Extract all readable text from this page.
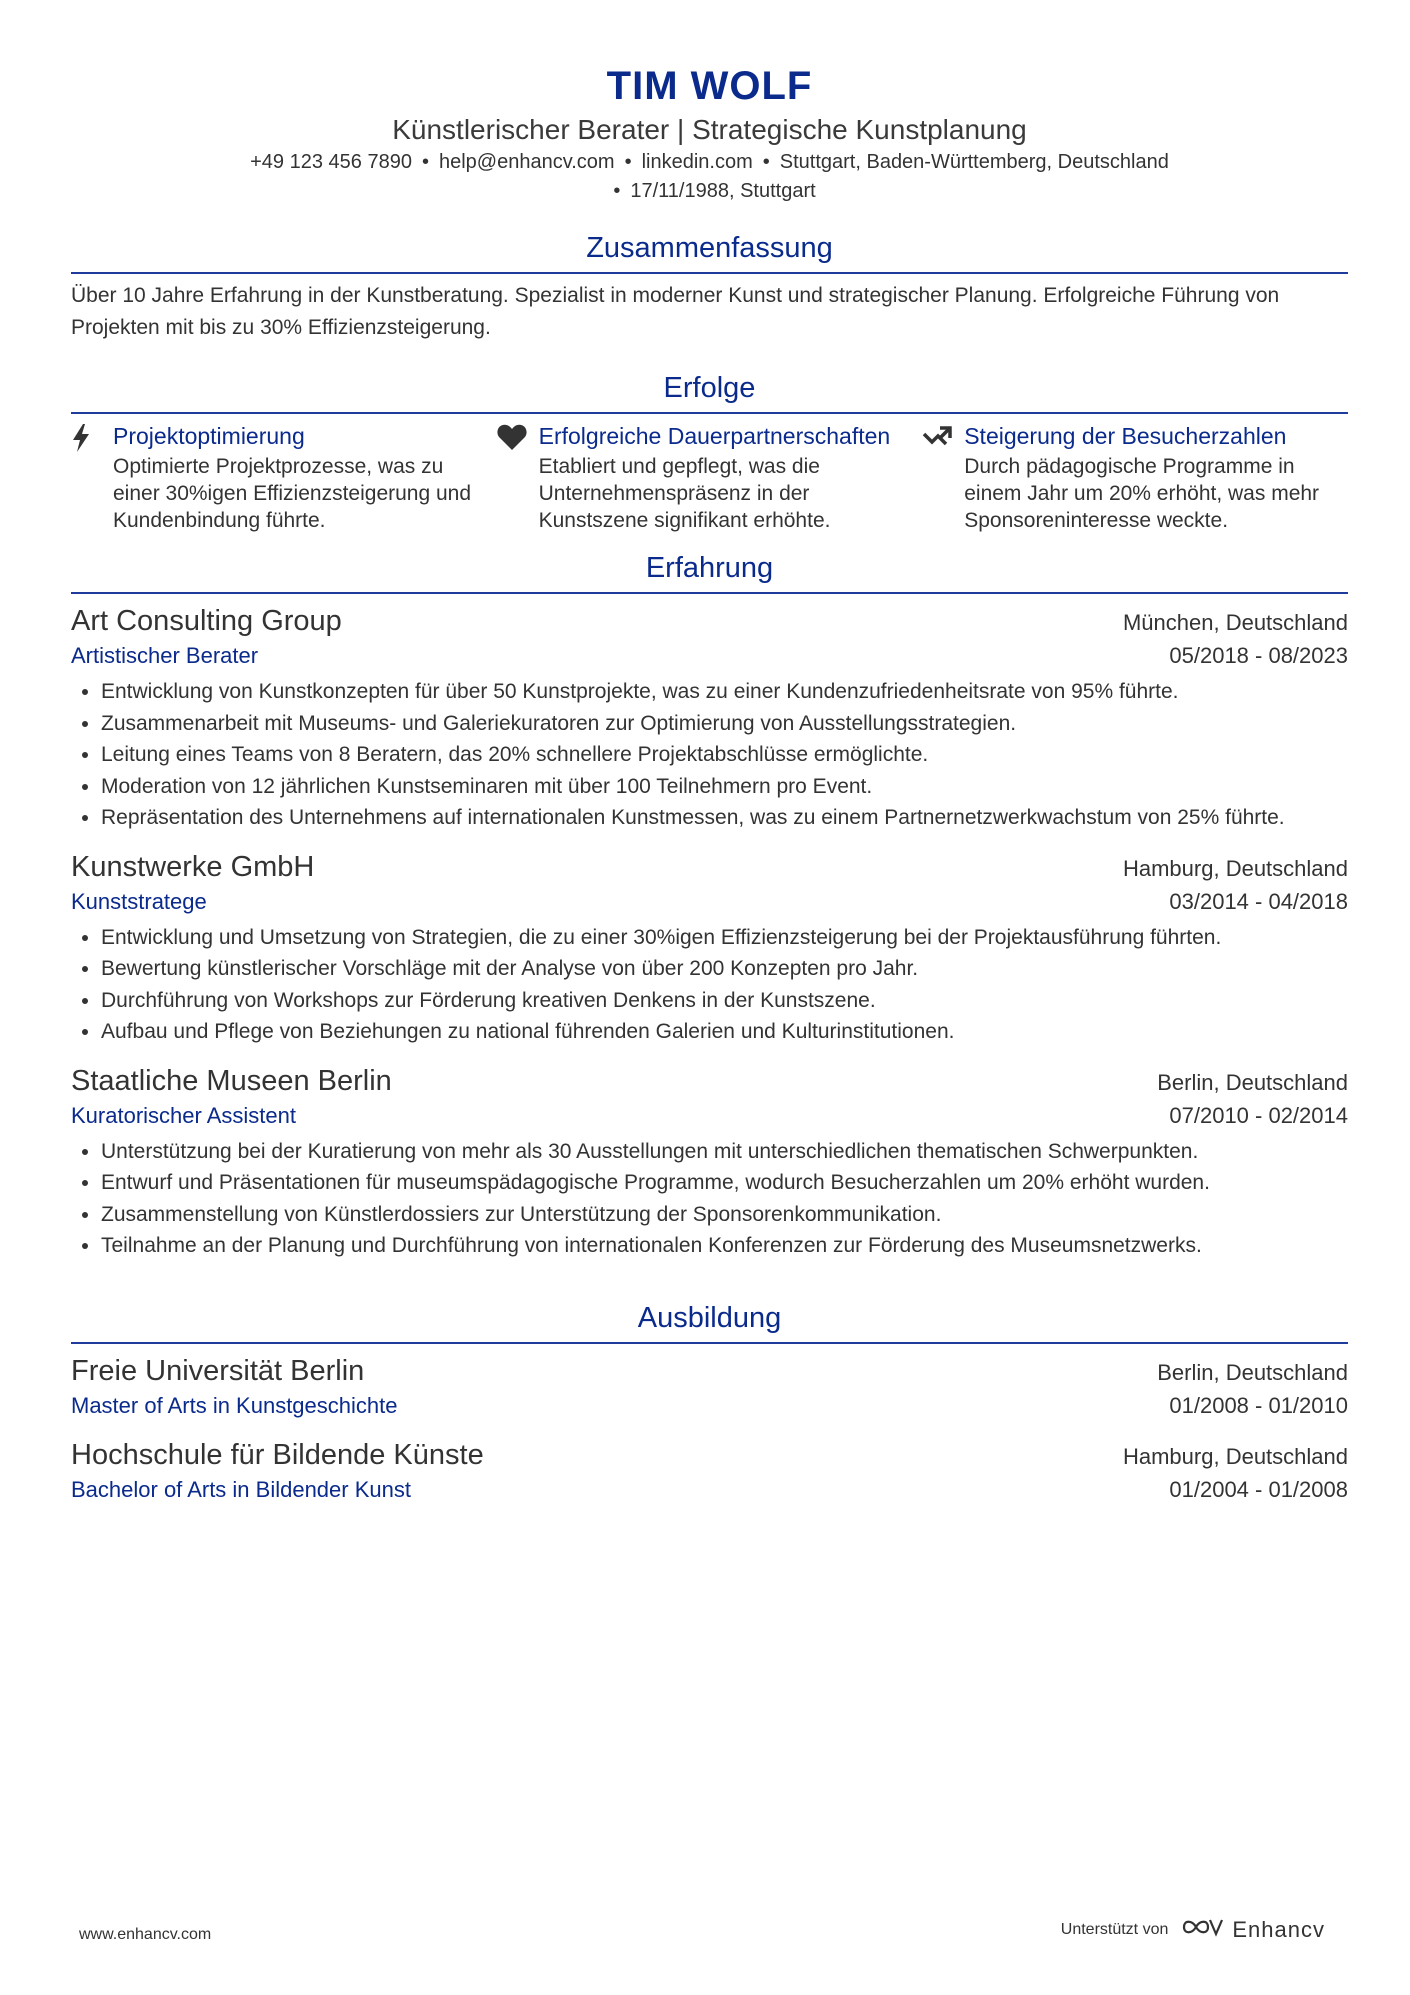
TIM WOLF
Künstlerischer Berater | Strategische Kunstplanung
+49 123 456 7890 • help@enhancv.com • linkedin.com • Stuttgart, Baden-Württemberg, Deutschland
• 17/11/1988, Stuttgart
Zusammenfassung
Über 10 Jahre Erfahrung in der Kunstberatung. Spezialist in moderner Kunst und strategischer Planung. Erfolgreiche Führung von Projekten mit bis zu 30% Effizienzsteigerung.
Erfolge
Projektoptimierung
Optimierte Projektprozesse, was zu einer 30%igen Effizienzsteigerung und Kundenbindung führte.
Erfolgreiche Dauerpartnerschaften
Etabliert und gepflegt, was die Unternehmenspräsenz in der Kunstszene signifikant erhöhte.
Steigerung der Besucherzahlen
Durch pädagogische Programme in einem Jahr um 20% erhöht, was mehr Sponsoreninteresse weckte.
Erfahrung
Art Consulting Group	München, Deutschland
Artistischer Berater	05/2018 - 08/2023
• Entwicklung von Kunstkonzepten für über 50 Kunstprojekte, was zu einer Kundenzufriedenheitsrate von 95% führte.
• Zusammenarbeit mit Museums- und Galeriekuratoren zur Optimierung von Ausstellungsstrategien.
• Leitung eines Teams von 8 Beratern, das 20% schnellere Projektabschlüsse ermöglichte.
• Moderation von 12 jährlichen Kunstseminaren mit über 100 Teilnehmern pro Event.
• Repräsentation des Unternehmens auf internationalen Kunstmessen, was zu einem Partnernetzwerkwachstum von 25% führte.
Kunstwerke GmbH	Hamburg, Deutschland
Kunststratege	03/2014 - 04/2018
• Entwicklung und Umsetzung von Strategien, die zu einer 30%igen Effizienzsteigerung bei der Projektausführung führten.
• Bewertung künstlerischer Vorschläge mit der Analyse von über 200 Konzepten pro Jahr.
• Durchführung von Workshops zur Förderung kreativen Denkens in der Kunstszene.
• Aufbau und Pflege von Beziehungen zu national führenden Galerien und Kulturinstitutionen.
Staatliche Museen Berlin	Berlin, Deutschland
Kuratorischer Assistent	07/2010 - 02/2014
• Unterstützung bei der Kuratierung von mehr als 30 Ausstellungen mit unterschiedlichen thematischen Schwerpunkten.
• Entwurf und Präsentationen für museumspädagogische Programme, wodurch Besucherzahlen um 20% erhöht wurden.
• Zusammenstellung von Künstlerdossiers zur Unterstützung der Sponsorenkommunikation.
• Teilnahme an der Planung und Durchführung von internationalen Konferenzen zur Förderung des Museumsnetzwerks.
Ausbildung
Freie Universität Berlin	Berlin, Deutschland
Master of Arts in Kunstgeschichte	01/2008 - 01/2010
Hochschule für Bildende Künste	Hamburg, Deutschland
Bachelor of Arts in Bildender Kunst	01/2004 - 01/2008
www.enhancv.com	Unterstützt von	Enhancv
